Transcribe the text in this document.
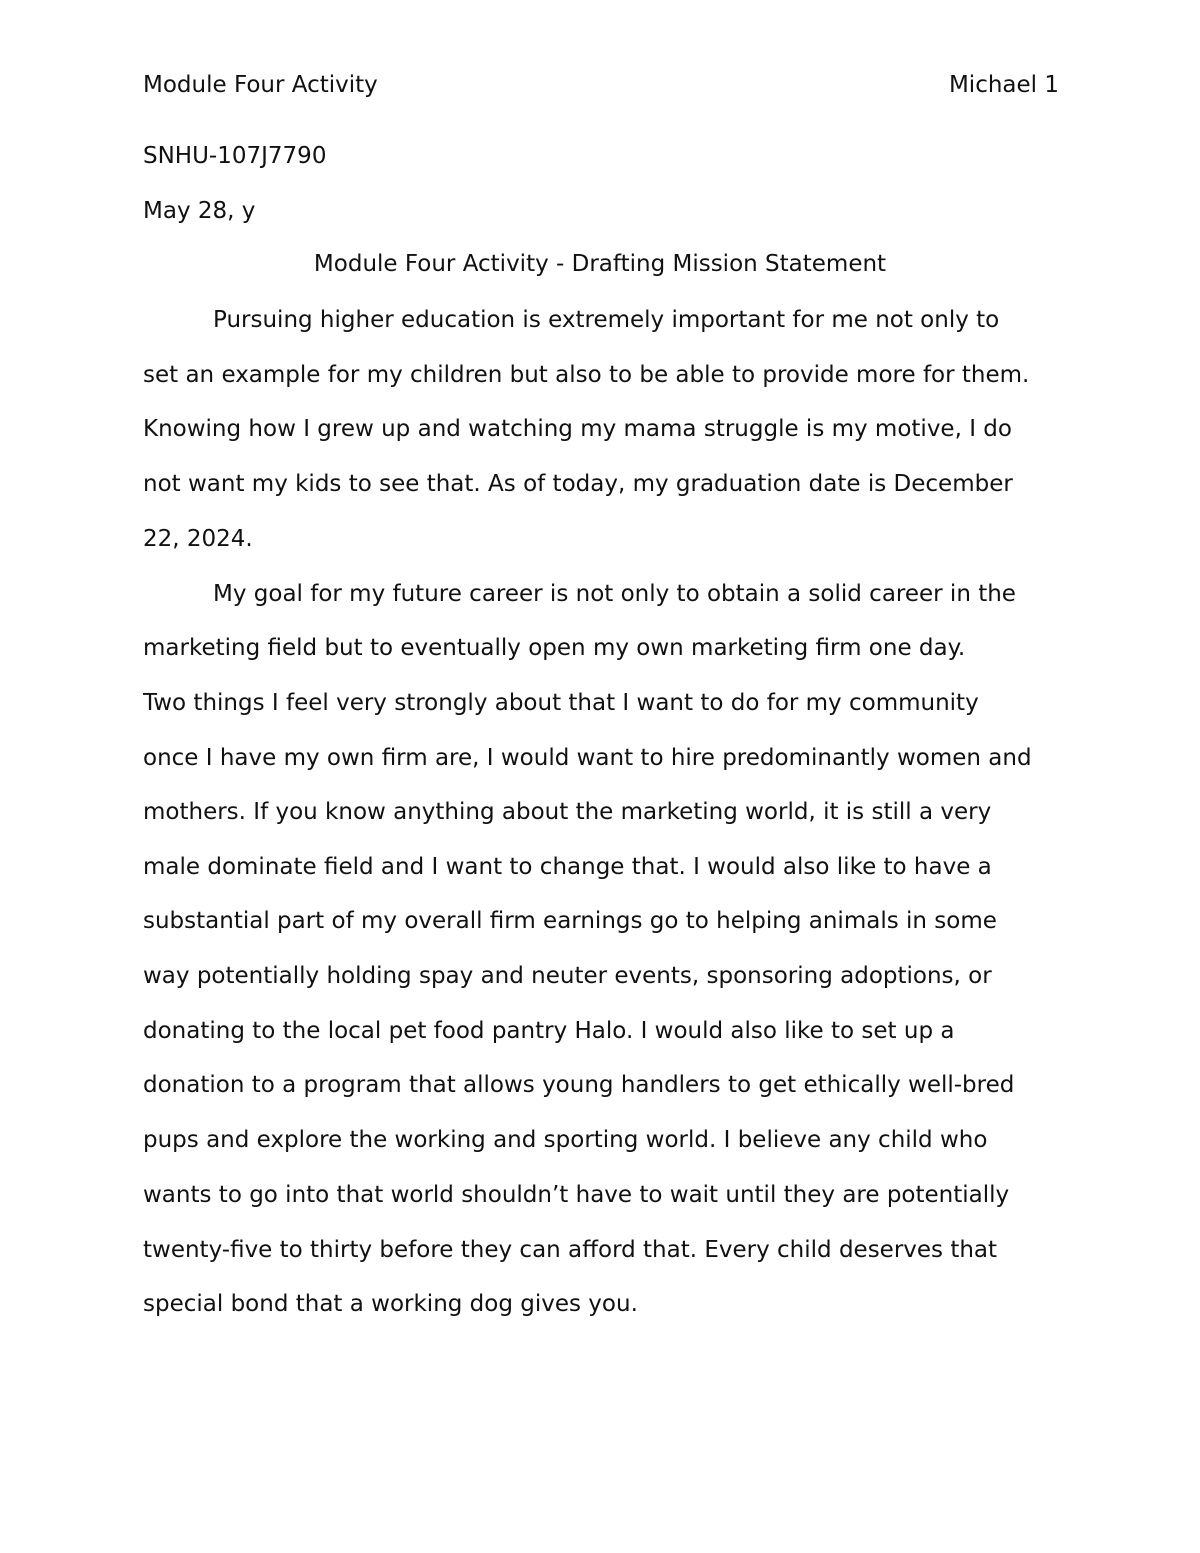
Module Four Activity	Michael 1
SNHU-107J7790
May 28, y
Module Four Activity - Drafting Mission Statement
Pursuing higher education is extremely important for me not only to
set an example for my children but also to be able to provide more for them.
Knowing how I grew up and watching my mama struggle is my motive, I do
not want my kids to see that. As of today, my graduation date is December
22, 2024.
My goal for my future career is not only to obtain a solid career in the
marketing field but to eventually open my own marketing firm one day.
Two things I feel very strongly about that I want to do for my community
once I have my own firm are, I would want to hire predominantly women and
mothers. If you know anything about the marketing world, it is still a very
male dominate field and I want to change that. I would also like to have a
substantial part of my overall firm earnings go to helping animals in some
way potentially holding spay and neuter events, sponsoring adoptions, or
donating to the local pet food pantry Halo. I would also like to set up a
donation to a program that allows young handlers to get ethically well-bred
pups and explore the working and sporting world. I believe any child who
wants to go into that world shouldn’t have to wait until they are potentially
twenty-five to thirty before they can afford that. Every child deserves that
special bond that a working dog gives you.
